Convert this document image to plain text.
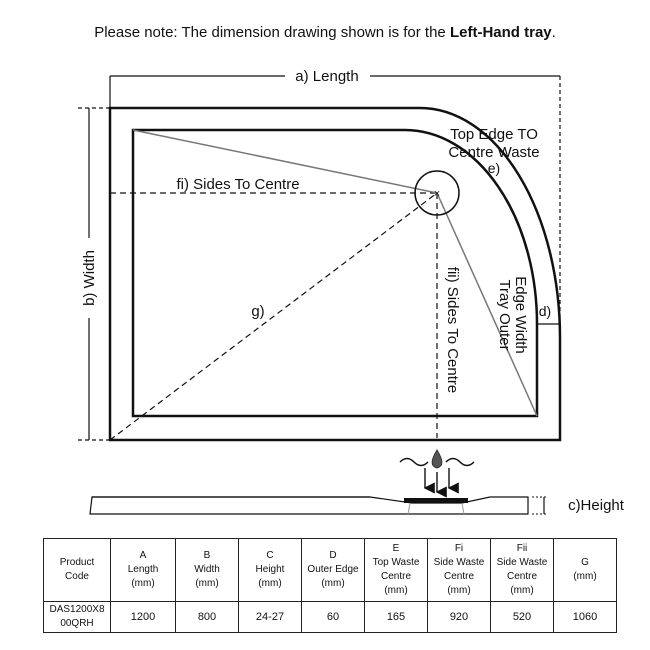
Please note: The dimension drawing shown is for the Left-Hand tray.
a) Length
b) Width
×
d)
Top Edge TO
Centre Waste
e)
fi) Sides To Centre
g)	fii) Sides To Centre Tray Outer Edge Width
c)Height
Product
Code	A
Length
(mm)	B
Width
(mm)	C
Height
(mm)	D
Outer Edge
(mm)	E
Top Waste
Centre
(mm)	Fi
Side Waste
Centre
(mm)	Fii
Side Waste
Centre
(mm)	G
(mm)

DAS1200X8 00QRH	1200	800	24-27	60	165	920	520	1060
